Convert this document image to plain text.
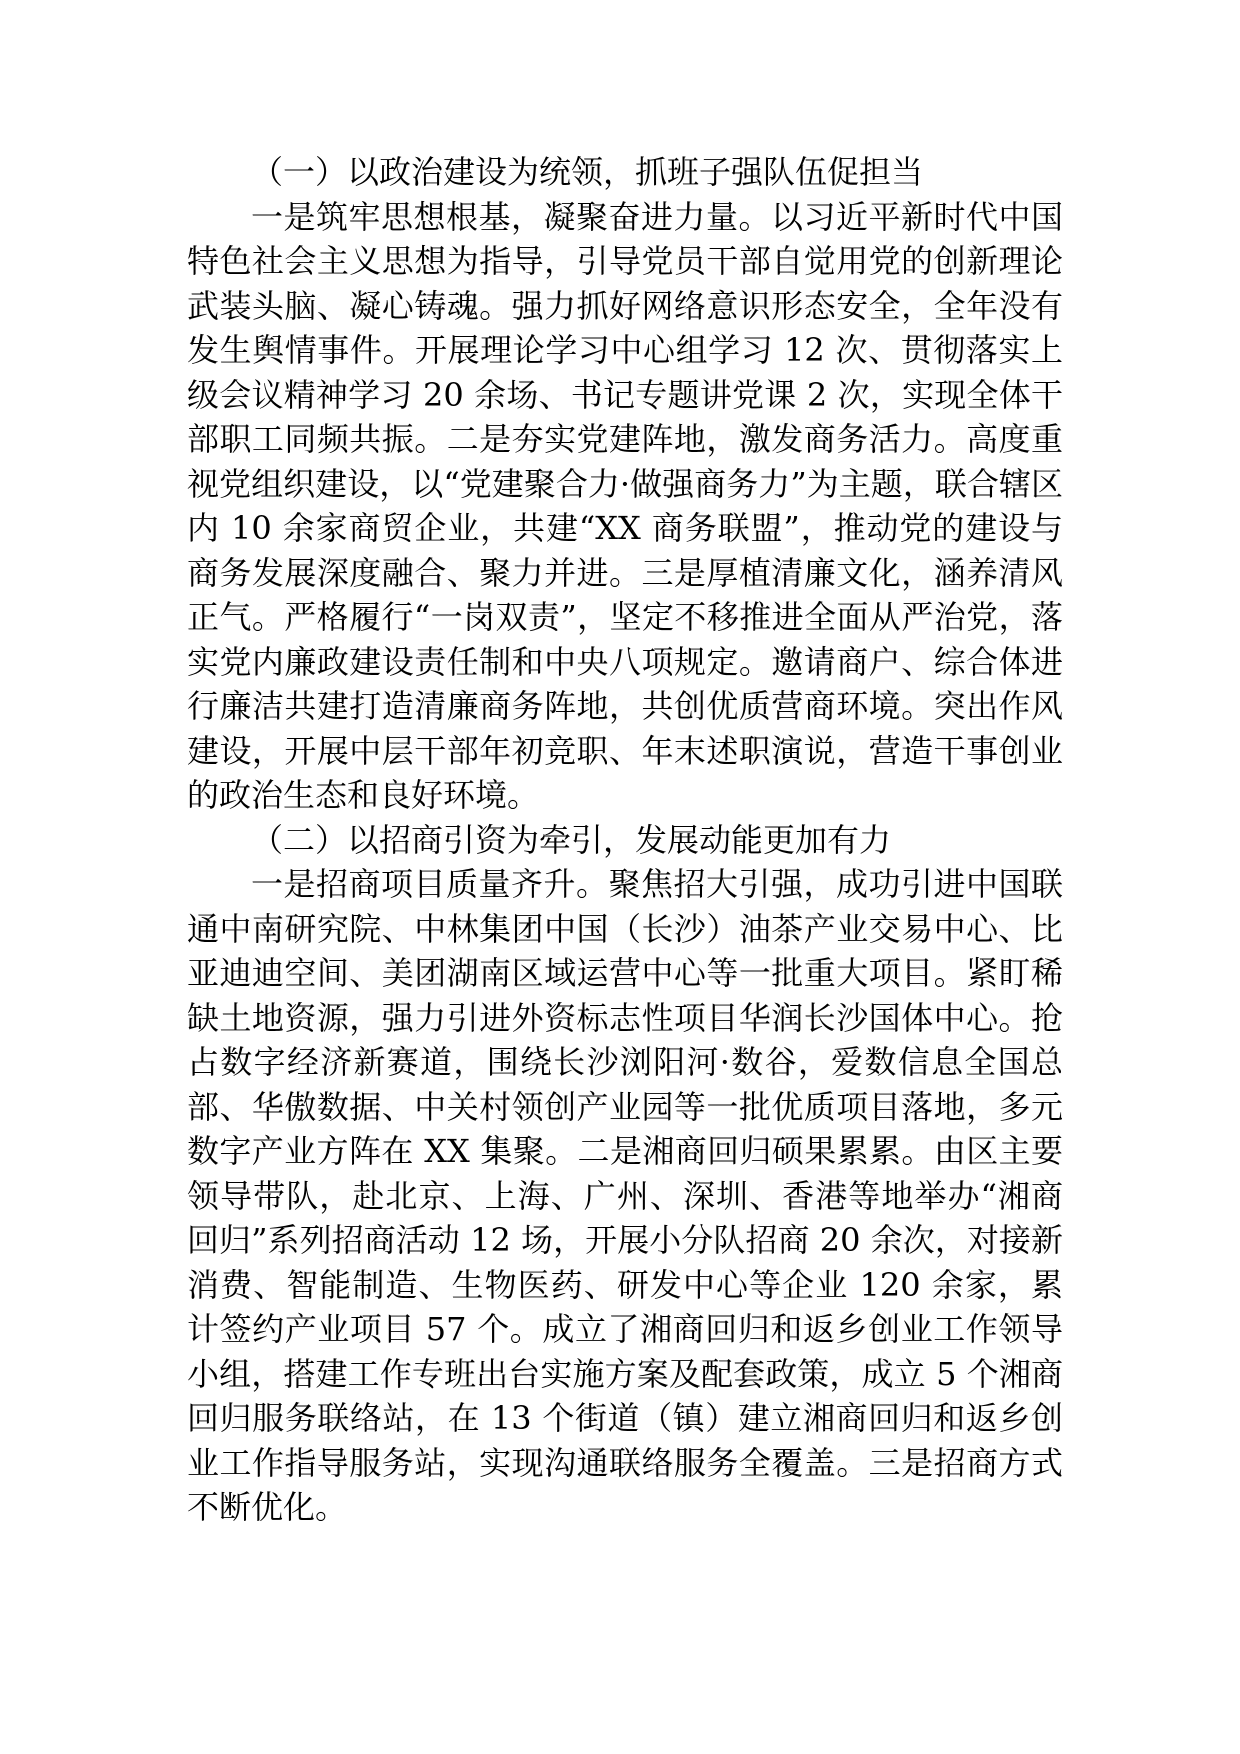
（一）以政治建设为统领，抓班子强队伍促担当

一是筑牢思想根基，凝聚奋进力量。以习近平新时代中国特色社会主义思想为指导，引导党员干部自觉用党的创新理论武装头脑、凝心铸魂。强力抓好网络意识形态安全，全年没有发生舆情事件。开展理论学习中心组学习 12 次、贯彻落实上级会议精神学习 20 余场、书记专题讲党课 2 次，实现全体干部职工同频共振。二是夯实党建阵地，激发商务活力。高度重视党组织建设，以“党建聚合力·做强商务力”为主题，联合辖区内 10 余家商贸企业，共建“XX 商务联盟”，推动党的建设与商务发展深度融合、聚力并进。三是厚植清廉文化，涵养清风正气。严格履行“一岗双责”，坚定不移推进全面从严治党，落实党内廉政建设责任制和中央八项规定。邀请商户、综合体进行廉洁共建打造清廉商务阵地，共创优质营商环境。突出作风建设，开展中层干部年初竞职、年末述职演说，营造干事创业的政治生态和良好环境。

（二）以招商引资为牵引，发展动能更加有力

一是招商项目质量齐升。聚焦招大引强，成功引进中国联通中南研究院、中林集团中国（长沙）油茶产业交易中心、比亚迪迪空间、美团湖南区域运营中心等一批重大项目。紧盯稀缺土地资源，强力引进外资标志性项目华润长沙国体中心。抢占数字经济新赛道，围绕长沙浏阳河·数谷，爱数信息全国总部、华傲数据、中关村领创产业园等一批优质项目落地，多元数字产业方阵在 XX 集聚。二是湘商回归硕果累累。由区主要领导带队，赴北京、上海、广州、深圳、香港等地举办“湘商回归”系列招商活动 12 场，开展小分队招商 20 余次，对接新消费、智能制造、生物医药、研发中心等企业 120 余家，累计签约产业项目 57 个。成立了湘商回归和返乡创业工作领导小组，搭建工作专班出台实施方案及配套政策，成立 5 个湘商回归服务联络站，在 13 个街道（镇）建立湘商回归和返乡创业工作指导服务站，实现沟通联络服务全覆盖。三是招商方式不断优化。
